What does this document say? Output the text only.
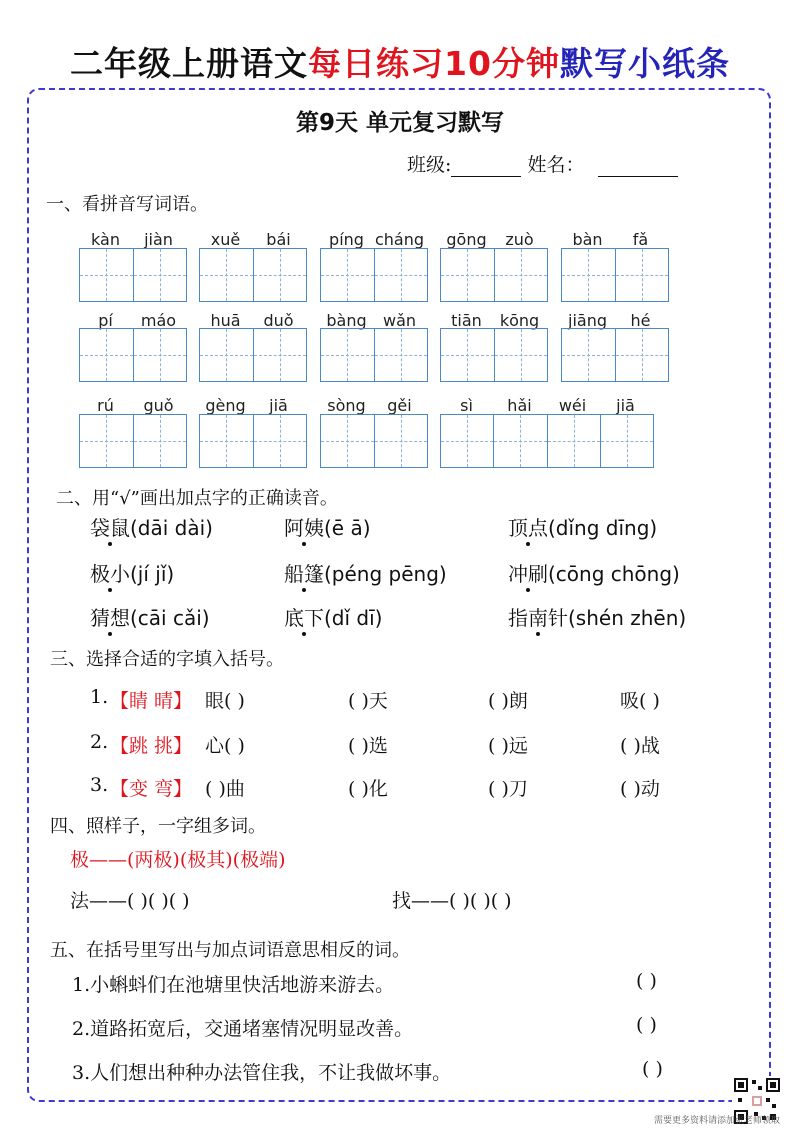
二年级上册语文每日练习10分钟默写小纸条
第9天 单元复习默写
班级:	姓名：
一、看拼音写词语。
kàn	jiàn	xuě	bái	píng cháng	gōng	zuò	bàn	fǎ
pí	máo	huā	duǒ	bàng	wǎn	tiān	kōng	jiāng	hé
rú	guǒ	gèng	jiā	sòng	gěi	sì	hǎi	wéi	jiā
二、用“√”画出加点字的正确读音。
袋鼠(dāi dài)	阿姨(ē ā)	顶点(dǐng dīng)
极小(jí jǐ)	船篷(péng pēng)	冲刷(cōng chōng)
猜想(cāi cǎi)	底下(dǐ dī)	指南针(shén zhēn)
三、选择合适的字填入括号。
1. 【睛 晴】 眼( )	( )天	( )朗	吸( )
2. 【跳 挑】 心( )	( )选	( )远	( )战
3. 【变 弯】 ( )曲	( )化	( )刀	( )动
四、照样子，一字组多词。
极——(两极)(极其)(极端)
法——( )( )( )	找——( )( )( )
五、在括号里写出与加点词语意思相反的词。
1.小蝌蚪们在池塘里快活地游来游去。	( )
2.道路拓宽后，交通堵塞情况明显改善。	( )
3.人们想出种种办法管住我，不让我做坏事。	( )
需要更多资料请添加张老师领取
